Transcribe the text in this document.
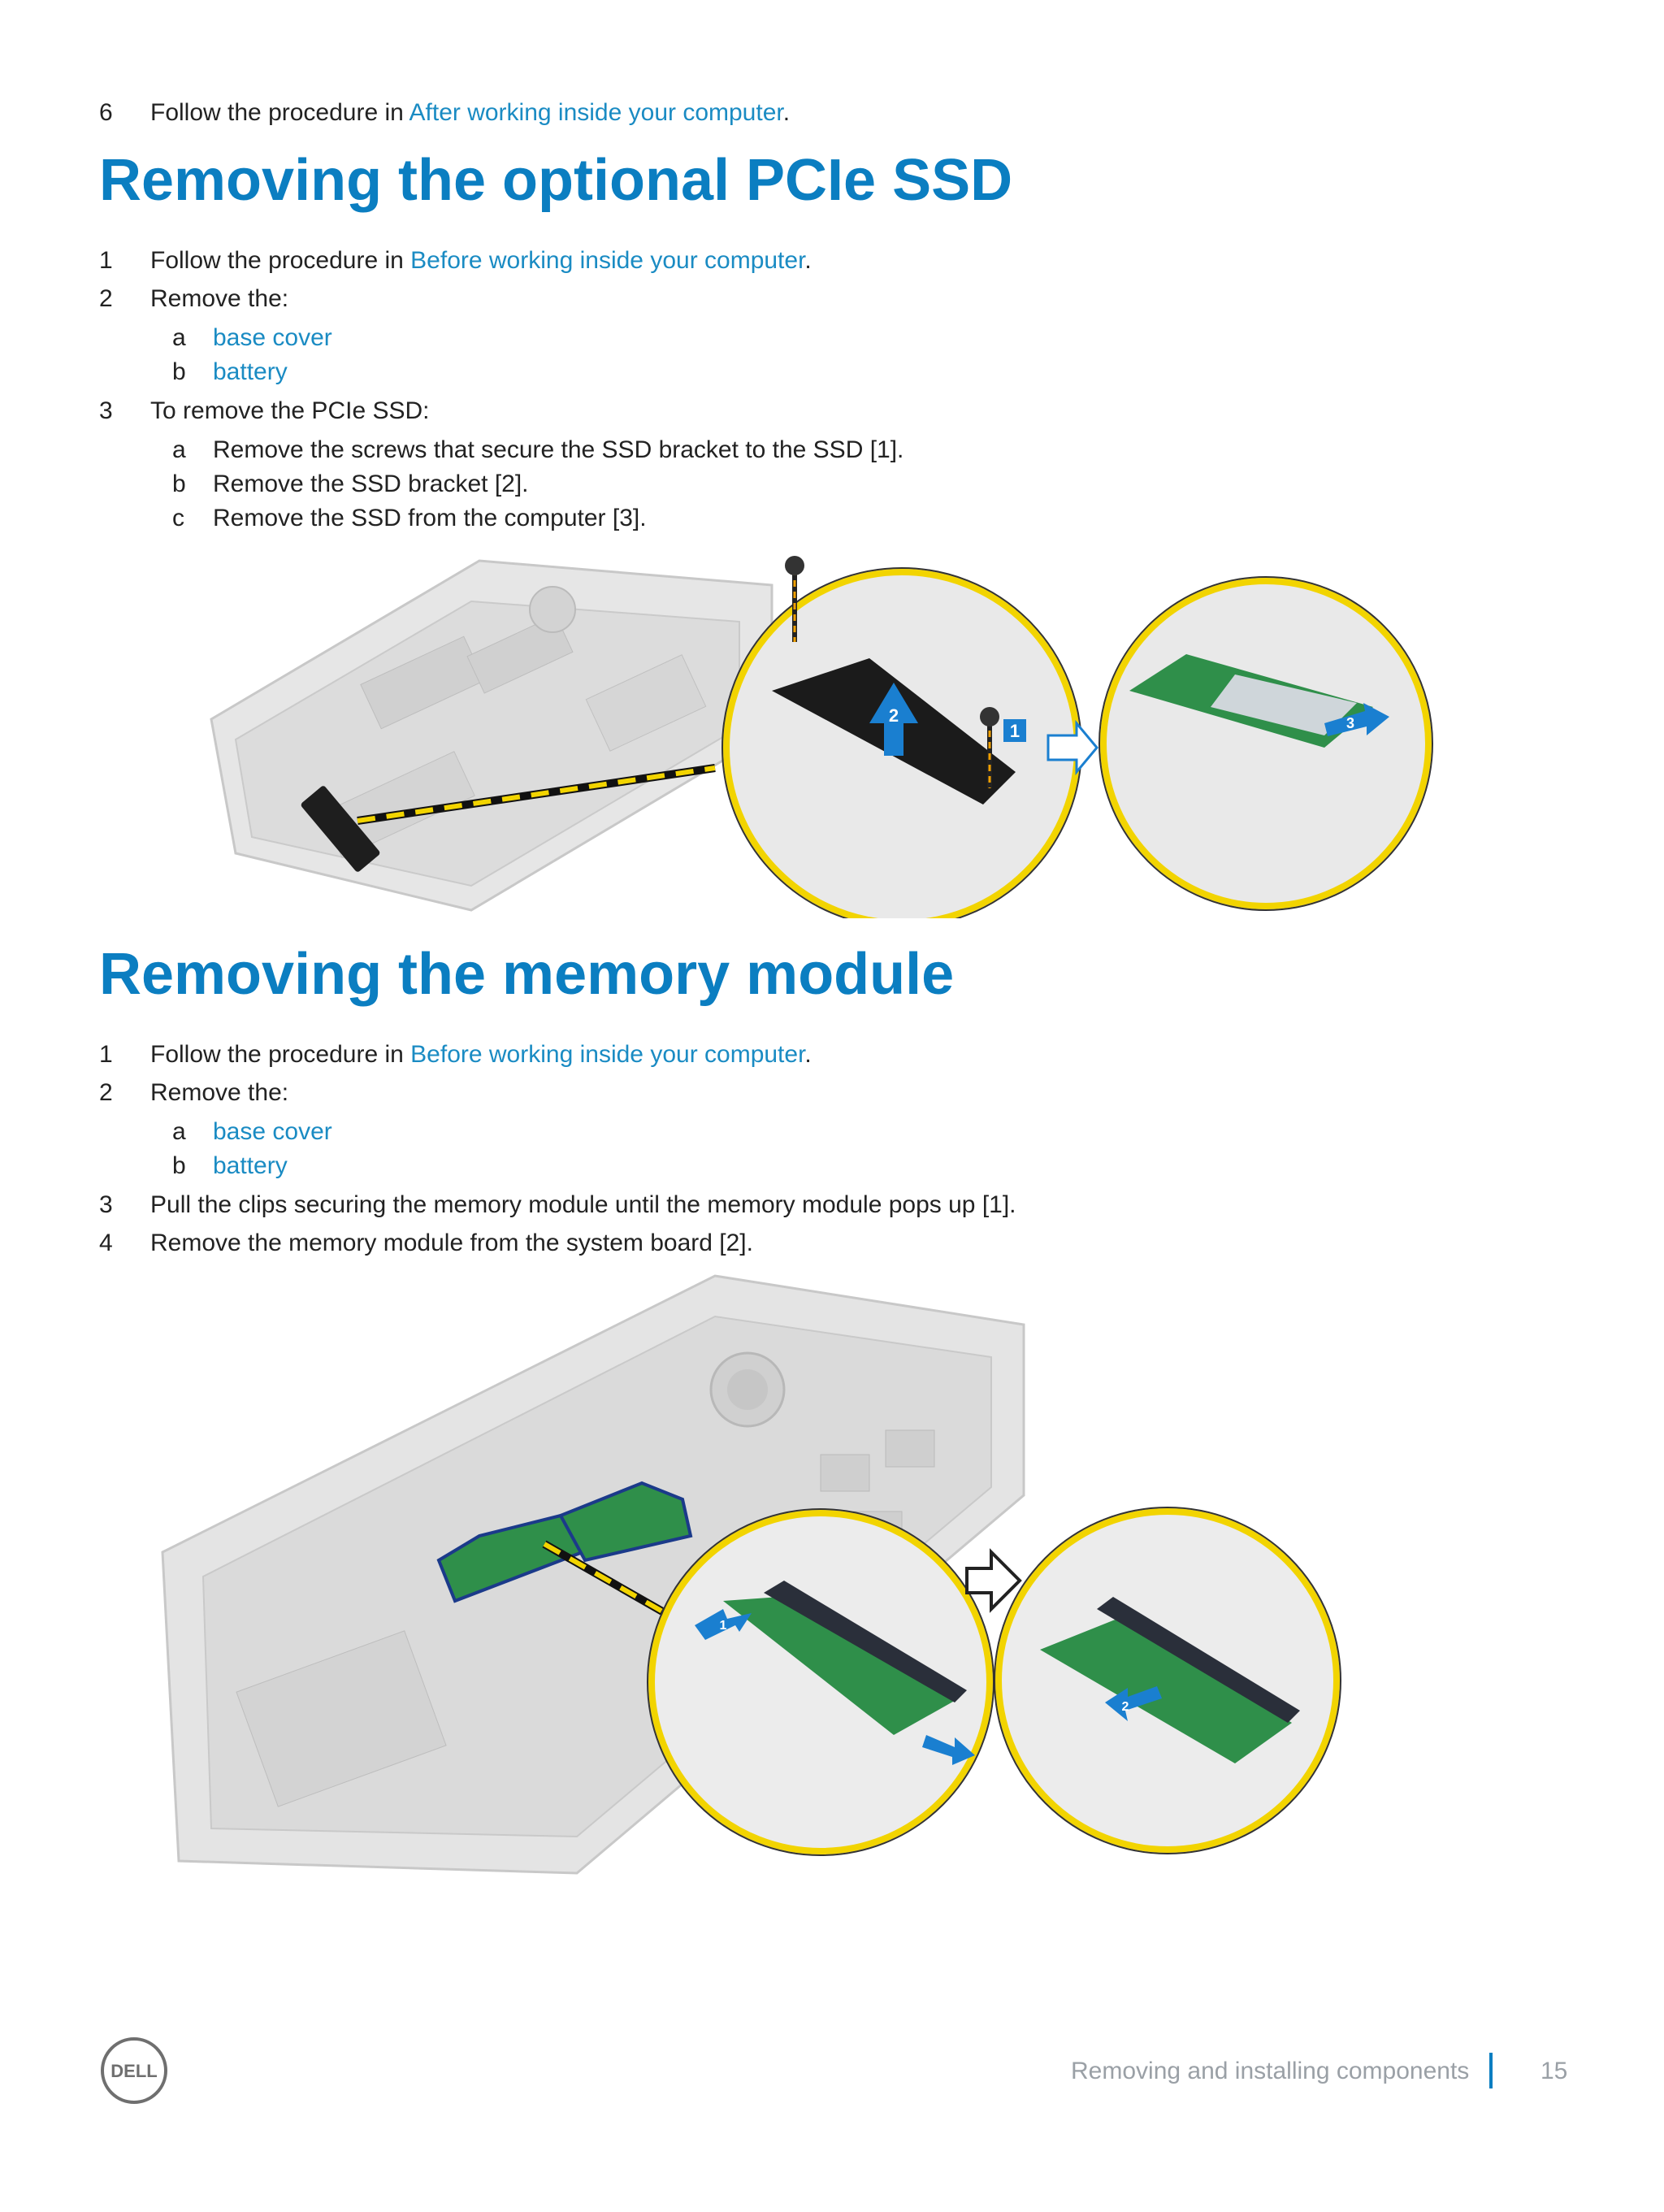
6 Follow the procedure in After working inside your computer.
Removing the optional PCIe SSD
1 Follow the procedure in Before working inside your computer.
2 Remove the:
a base cover
b battery
3 To remove the PCIe SSD:
a Remove the screws that secure the SSD bracket to the SSD [1].
b Remove the SSD bracket [2].
c Remove the SSD from the computer [3].
1
2	3
Removing the memory module
1 Follow the procedure in Before working inside your computer.
2 Remove the:
a base cover
b battery
3 Pull the clips securing the memory module until the memory module pops up [1].
4 Remove the memory module from the system board [2].
1
2
DELL	Removing and installing components	15
